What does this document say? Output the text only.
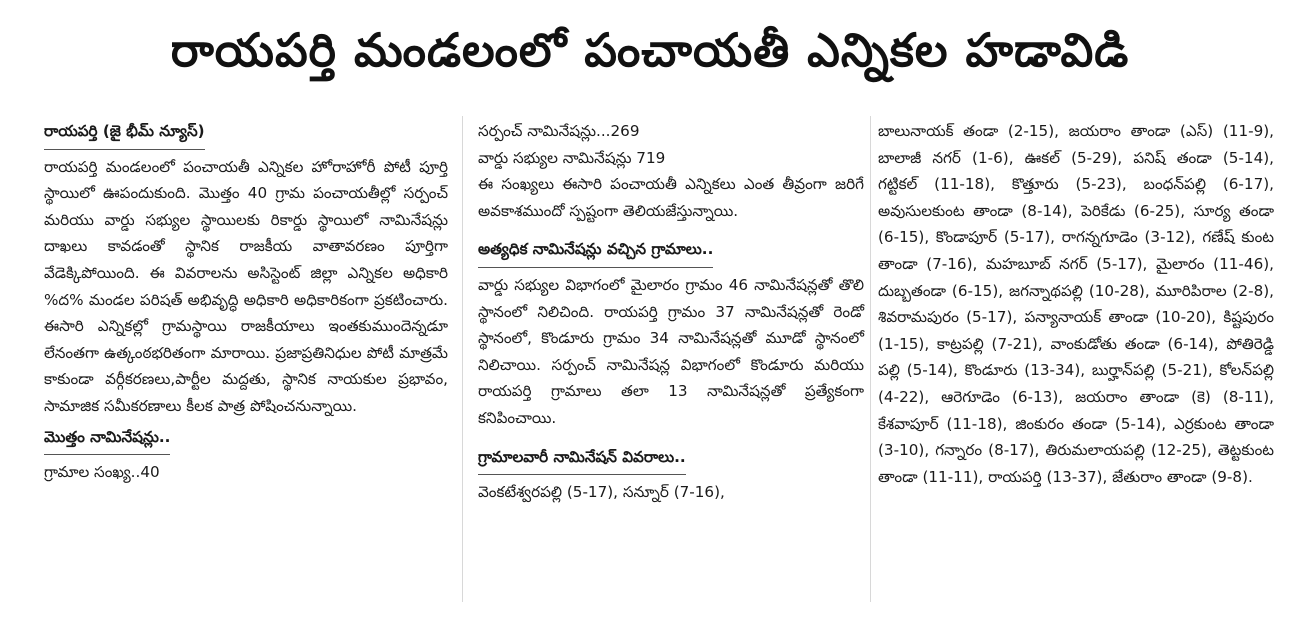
రాయపర్తి మండలంలో పంచాయతీ ఎన్నికల హడావిడి
రాయపర్తి (జై భీమ్ న్యూస్)

రాయపర్తి మండలంలో పంచాయతీ ఎన్నికల హోరాహోరీ పోటీ పూర్తి స్థాయిలో ఊపందుకుంది. మొత్తం 40 గ్రామ పంచాయతీల్లో సర్పంచ్ మరియు వార్డు సభ్యుల స్థాయిలకు రికార్డు స్థాయిలో నామినేషన్లు దాఖలు కావడంతో స్థానిక రాజకీయ వాతావరణం పూర్తిగా వేడెక్కిపోయింది. ఈ వివరాలను అసిస్టెంట్ జిల్లా ఎన్నికల అధికారి %ద% మండల పరిషత్ అభివృద్ధి అధికారి అధికారికంగా ప్రకటించారు. ఈసారి ఎన్నికల్లో గ్రామస్థాయి రాజకీయాలు ఇంతకుముందెన్నడూ లేనంతగా ఉత్కంఠభరితంగా మారాయి. ప్రజాప్రతినిధుల పోటీ మాత్రమే కాకుండా వర్గీకరణలు,పార్టీల మద్దతు, స్థానిక నాయకుల ప్రభావం, సామాజిక సమీకరణాలు కీలక పాత్ర పోషించనున్నాయి.

మొత్తం నామినేషన్లు..
గ్రామాల సంఖ్య..40
సర్పంచ్ నామినేషన్లు...269
వార్డు సభ్యుల నామినేషన్లు 719

ఈ సంఖ్యలు ఈసారి పంచాయతీ ఎన్నికలు ఎంత తీవ్రంగా జరిగే అవకాశముందో స్పష్టంగా తెలియజేస్తున్నాయి.

అత్యధిక నామినేషన్లు వచ్చిన గ్రామాలు..

వార్డు సభ్యుల విభాగంలో మైలారం గ్రామం 46 నామినేషన్లతో తొలి స్థానంలో నిలిచింది. రాయపర్తి గ్రామం 37 నామినేషన్లతో రెండో స్థానంలో, కొండూరు గ్రామం 34 నామినేషన్లతో మూడో స్థానంలో నిలిచాయి. సర్పంచ్ నామినేషన్ల విభాగంలో కొండూరు మరియు రాయపర్తి గ్రామాలు తలా 13 నామినేషన్లతో ప్రత్యేకంగా కనిపించాయి.

గ్రామాలవారీ నామినేషన్ వివరాలు..
వెంకటేశ్వరపల్లి (5-17), సన్నూర్ (7-16),

బాలునాయక్ తండా (2-15), జయరాం తాండా (ఎస్) (11-9), బాలాజీ నగర్ (1-6), ఊకల్ (5-29), పనిష్ తండా (5-14), గట్టికల్ (11-18), కొత్తూరు (5-23), బంధన్‌పల్లి (6-17), అవుసులకుంట తాండా (8-14), పెరికేడు (6-25), సూర్య తండా (6-15), కొండాపూర్ (5-17), రాగన్నగూడెం (3-12), గణేష్ కుంట తాండా (7-16), మహబూబ్ నగర్ (5-17), మైలారం (11-46), దుబ్బతండా (6-15), జగన్నాథపల్లి (10-28), మూరిపిరాల (2-8), శివరామపురం (5-17), పన్యానాయక్ తాండా (10-20), కిష్టపురం (1-15), కాట్రపల్లి (7-21), వాంకుడోతు తండా (6-14), పోతిరెడ్డి పల్లి (5-14), కొండూరు (13-34), బుర్హాన్‌పల్లి (5-21), కోలన్‌పల్లి (4-22), ఆరెగూడెం (6-13), జయరాం తాండా (కె) (8-11), కేశవాపూర్ (11-18), జింకురం తండా (5-14), ఎర్రకుంట తాండా (3-10), గన్నారం (8-17), తిరుమలాయపల్లి (12-25), తెట్టకుంట తాండా (11-11), రాయపర్తి (13-37), జేతురాం తాండా (9-8).
